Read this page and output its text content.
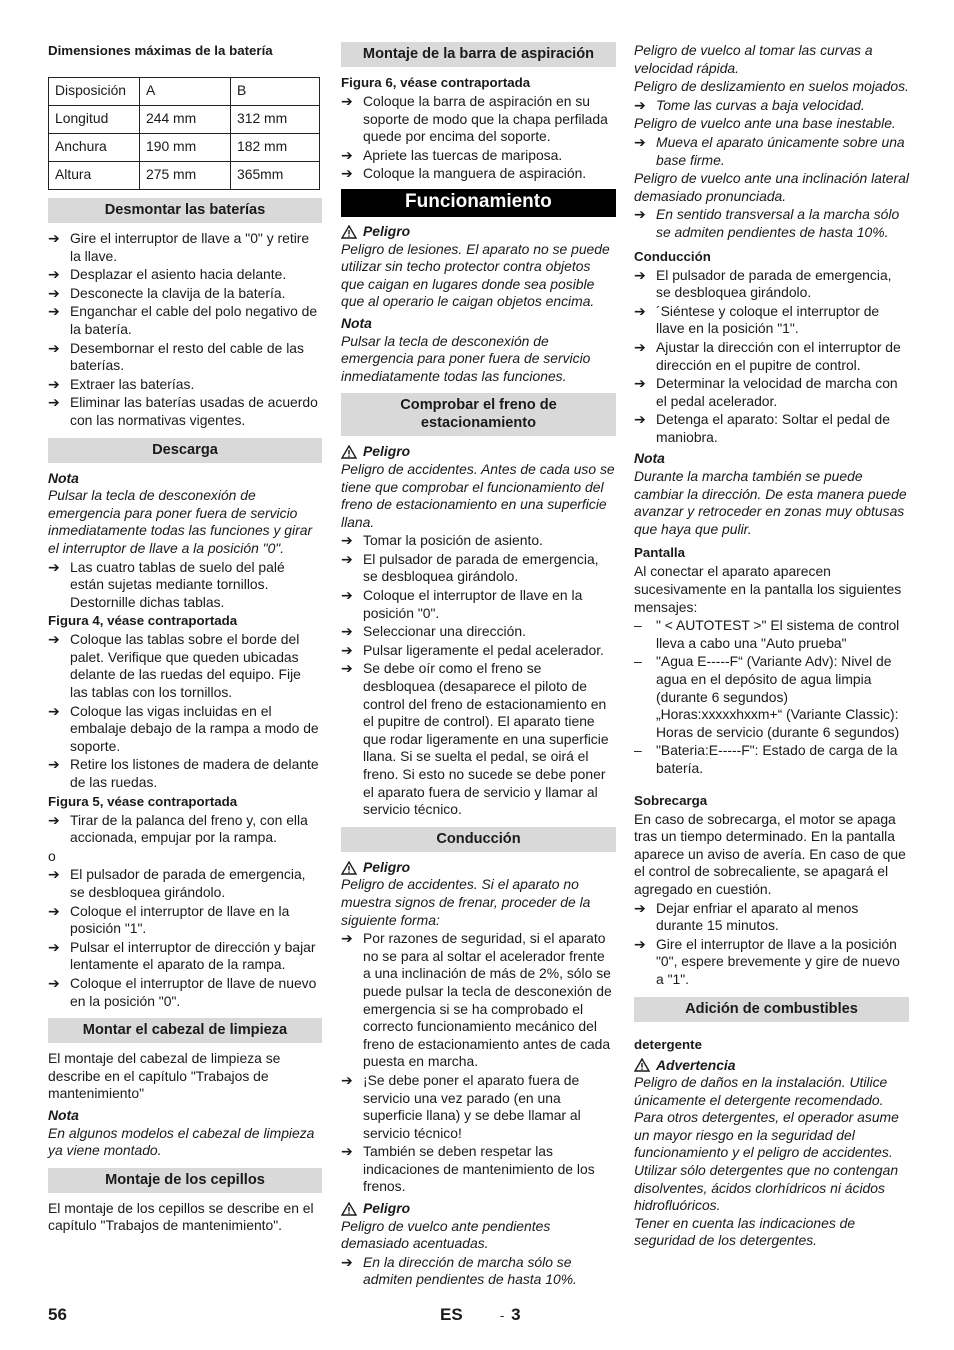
Dimensiones máximas de la batería
Disposición	A	B
Longitud	244 mm	312 mm
Anchura	190 mm	182 mm
Altura	275 mm	365mm
Desmontar las baterías
➔ Gire el interruptor de llave a "0" y retire la llave.
➔ Desplazar el asiento hacia delante.
➔ Desconecte la clavija de la batería.
➔ Enganchar el cable del polo negativo de la batería.
➔ Desembornar el resto del cable de las baterías.
➔ Extraer las baterías.
➔ Eliminar las baterías usadas de acuerdo con las normativas vigentes.
Descarga
Nota

Pulsar la tecla de desconexión de emergencia para poner fuera de servicio inmediatamente todas las funciones y girar el interruptor de llave a la posición "0".

➔ Las cuatro tablas de suelo del palé están sujetas mediante tornillos. Destornille dichas tablas.
Figura 4, véase contraportada
➔ Coloque las tablas sobre el borde del palet. Verifique que queden ubicadas delante de las ruedas del equipo. Fije las tablas con los tornillos.
➔ Coloque las vigas incluidas en el embalaje debajo de la rampa a modo de soporte.
➔ Retire los listones de madera de delante de las ruedas.
Figura 5, véase contraportada
➔ Tirar de la palanca del freno y, con ella accionada, empujar por la rampa.

o

➔ El pulsador de parada de emergencia, se desbloquea girándolo.
➔ Coloque el interruptor de llave en la posición "1".
➔ Pulsar el interruptor de dirección y bajar lentamente el aparato de la rampa.
➔ Coloque el interruptor de llave de nuevo en la posición "0".
Montar el cabezal de limpieza

El montaje del cabezal de limpieza se describe en el capítulo "Trabajos de mantenimiento"

Nota

En algunos modelos el cabezal de limpieza ya viene montado.

Montaje de los cepillos

El montaje de los cepillos se describe en el capítulo "Trabajos de mantenimiento".

Montaje de la barra de aspiración
Figura 6, véase contraportada
➔ Coloque la barra de aspiración en su soporte de modo que la chapa perfilada quede por encima del soporte.
➔ Apriete las tuercas de mariposa.
➔ Coloque la manguera de aspiración.
Funcionamiento
Peligro

Peligro de lesiones. El aparato no se puede utilizar sin techo protector contra objetos que caigan en lugares donde sea posible que al operario le caigan objetos encima.

Nota

Pulsar la tecla de desconexión de emergencia para poner fuera de servicio inmediatamente todas las funciones.

Comprobar el freno de estacionamiento
Peligro

Peligro de accidentes. Antes de cada uso se tiene que comprobar el funcionamiento del freno de estacionamiento en una superficie llana.

➔ Tomar la posición de asiento.
➔ El pulsador de parada de emergencia, se desbloquea girándolo.
➔ Coloque el interruptor de llave en la posición "0".
➔ Seleccionar una dirección.
➔ Pulsar ligeramente el pedal acelerador.
➔ Se debe oír como el freno se desbloquea (desaparece el piloto de control del freno de estacionamiento en el pupitre de control). El aparato tiene que rodar ligeramente en una superficie llana. Si se suelta el pedal, se oirá el freno. Si esto no sucede se debe poner el aparato fuera de servicio y llamar al servicio técnico.
Conducción
Peligro

Peligro de accidentes. Si el aparato no muestra signos de frenar, proceder de la siguiente forma:

➔ Por razones de seguridad, si el aparato no se para al soltar el acelerador frente a una inclinación de más de 2%, sólo se puede pulsar la tecla de desconexión de emergencia si se ha comprobado el correcto funcionamiento mecánico del freno de estacionamiento antes de cada puesta en marcha.
➔ ¡Se debe poner el aparato fuera de servicio una vez parado (en una superficie llana) y se debe llamar al servicio técnico!
➔ También se deben respetar las indicaciones de mantenimiento de los frenos.
Peligro

Peligro de vuelco ante pendientes demasiado acentuadas.

➔ En la dirección de marcha sólo se admiten pendientes de hasta 10%.

Peligro de vuelco al tomar las curvas a velocidad rápida.

Peligro de deslizamiento en suelos mojados.

➔ Tome las curvas a baja velocidad.

Peligro de vuelco ante una base inestable.

➔ Mueva el aparato únicamente sobre una base firme.

Peligro de vuelco ante una inclinación lateral demasiado pronunciada.

➔ En sentido transversal a la marcha sólo se admiten pendientes de hasta 10%.
Conducción
➔ El pulsador de parada de emergencia, se desbloquea girándolo.
➔ ´Siéntese y coloque el interruptor de llave en la posición "1".
➔ Ajustar la dirección con el interruptor de dirección en el pupitre de control.
➔ Determinar la velocidad de marcha con el pedal acelerador.
➔ Detenga el aparato: Soltar el pedal de maniobra.
Nota

Durante la marcha también se puede cambiar la dirección. De esta manera puede avanzar y retroceder en zonas muy obtusas que haya que pulir.

Pantalla

Al conectar el aparato aparecen sucesivamente en la pantalla los siguientes mensajes:

–	" < AUTOTEST >" El sistema de control lleva a cabo una "Auto prueba"
–	"Agua E-----F“ (Variante Adv): Nivel de agua en el depósito de agua limpia (durante 6 segundos)
„Horas:xxxxxhxxm+“ (Variante Classic): Horas de servicio (durante 6 segundos)
–	"Bateria:E-----F": Estado de carga de la batería.
Sobrecarga

En caso de sobrecarga, el motor se apaga tras un tiempo determinado. En la pantalla aparece un aviso de avería. En caso de que el control de sobrecaliente, se apagará el agregado en cuestión.

➔ Dejar enfriar el aparato al menos durante 15 minutos.
➔ Gire el interruptor de llave a la posición "0", espere brevemente y gire de nuevo a "1".
Adición de combustibles
detergente
Advertencia

Peligro de daños en la instalación. Utilice únicamente el detergente recomendado. Para otros detergentes, el operador asume un mayor riesgo en la seguridad del funcionamiento y el peligro de accidentes. Utilizar sólo detergentes que no contengan disolventes, ácidos clorhídricos ni ácidos hidrofluóricos.
Tener en cuenta las indicaciones de seguridad de los detergentes.

56	ES	- 3
